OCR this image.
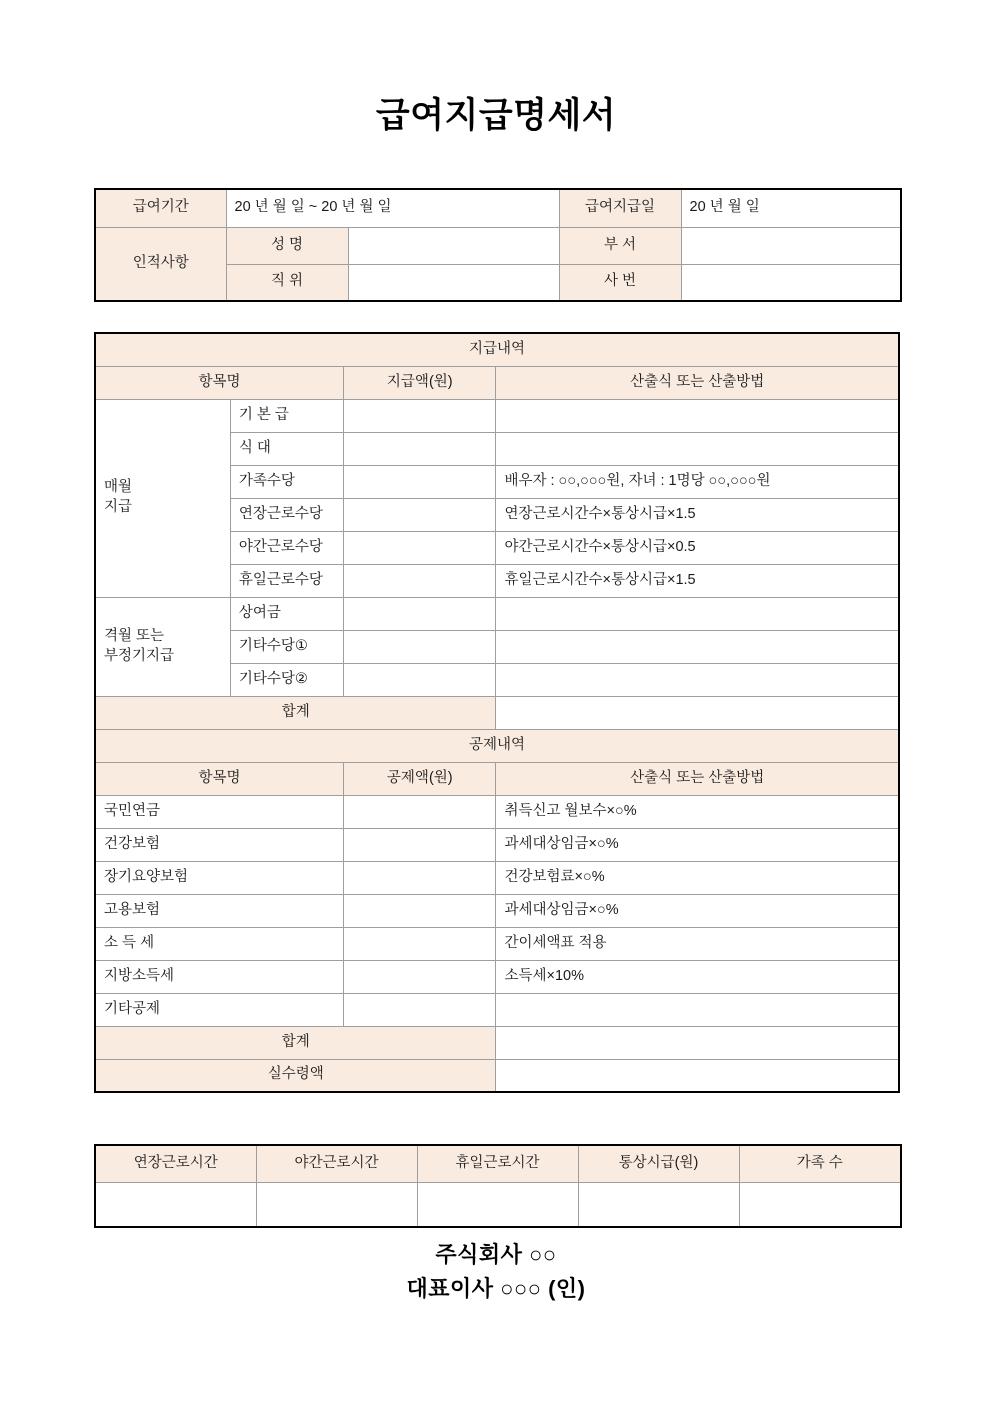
급여지급명세서
급여기간	20 년 월 일 ~ 20 년 월 일		급여지급일	20 년 월 일
인적사항	성 명		부 서	
	직 위		사 번	
지급내역			
항목명		지급액(원)	산출식 또는 산출방법

매월
지급	기 본 급		
	식 대		
	가족수당		배우자 : ○○,○○○원, 자녀 : 1명당 ○○,○○○원
	연장근로수당		연장근로시간수×통상시급×1.5
	야간근로수당		야간근로시간수×통상시급×0.5
	휴일근로수당		휴일근로시간수×통상시급×1.5

격월 또는
부정기지급	상여금		
	기타수당①		
	기타수당②		
합계			
공제내역			
항목명		공제액(원)	산출식 또는 산출방법
국민연금			취득신고 월보수×○%
건강보험			과세대상임금×○%
장기요양보험			건강보험료×○%
고용보험			과세대상임금×○%
소 득 세			간이세액표 적용
지방소득세			소득세×10%
기타공제			
합계			
실수령액			
연장근로시간	야간근로시간	휴일근로시간	통상시급(원)	가족 수

주식회사 ○○
대표이사 ○○○ (인)
